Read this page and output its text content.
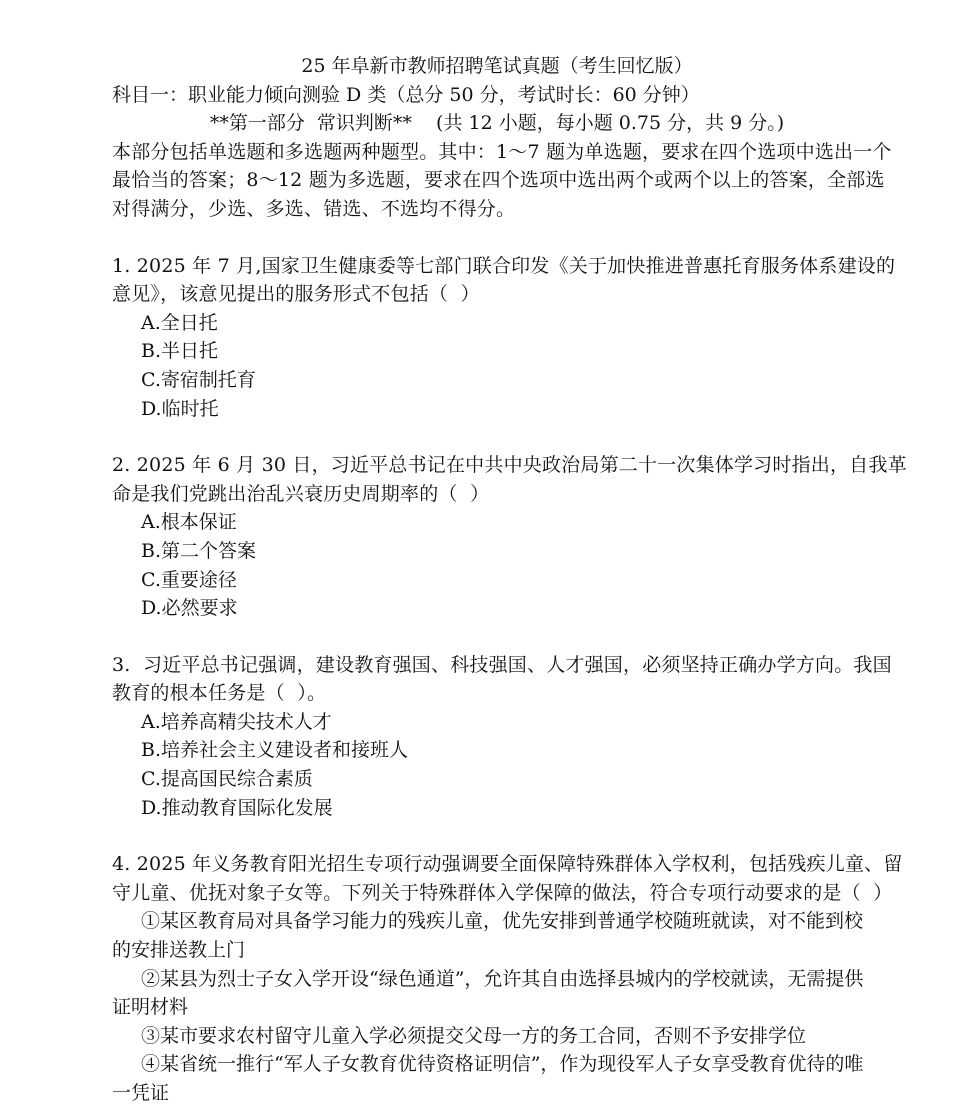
25 年阜新市教师招聘笔试真题（考生回忆版）
科目一：职业能力倾向测验 D 类（总分 50 分，考试时长：60 分钟）
**第一部分  常识判断**    (共 12 小题，每小题 0.75 分，共 9 分。)
本部分包括单选题和多选题两种题型。其中：1～7 题为单选题，要求在四个选项中选出一个
最恰当的答案；8～12 题为多选题，要求在四个选项中选出两个或两个以上的答案，全部选
对得满分，少选、多选、错选、不选均不得分。
1. 2025 年 7 月,国家卫生健康委等七部门联合印发《关于加快推进普惠托育服务体系建设的
意见》，该意见提出的服务形式不包括（  ）
A.全日托
B.半日托
C.寄宿制托育
D.临时托
2. 2025 年 6 月 30 日，习近平总书记在中共中央政治局第二十一次集体学习时指出，自我革
命是我们党跳出治乱兴衰历史周期率的（  ）
A.根本保证
B.第二个答案
C.重要途径
D.必然要求
3.  习近平总书记强调，建设教育强国、科技强国、人才强国，必须坚持正确办学方向。我国
教育的根本任务是（  ）。
A.培养高精尖技术人才
B.培养社会主义建设者和接班人
C.提高国民综合素质
D.推动教育国际化发展
4. 2025 年义务教育阳光招生专项行动强调要全面保障特殊群体入学权利，包括残疾儿童、留
守儿童、优抚对象子女等。下列关于特殊群体入学保障的做法，符合专项行动要求的是（  ）
①某区教育局对具备学习能力的残疾儿童，优先安排到普通学校随班就读，对不能到校
的安排送教上门
②某县为烈士子女入学开设“绿色通道”，允许其自由选择县城内的学校就读，无需提供
证明材料
③某市要求农村留守儿童入学必须提交父母一方的务工合同，否则不予安排学位
④某省统一推行“军人子女教育优待资格证明信”，作为现役军人子女享受教育优待的唯
一凭证
